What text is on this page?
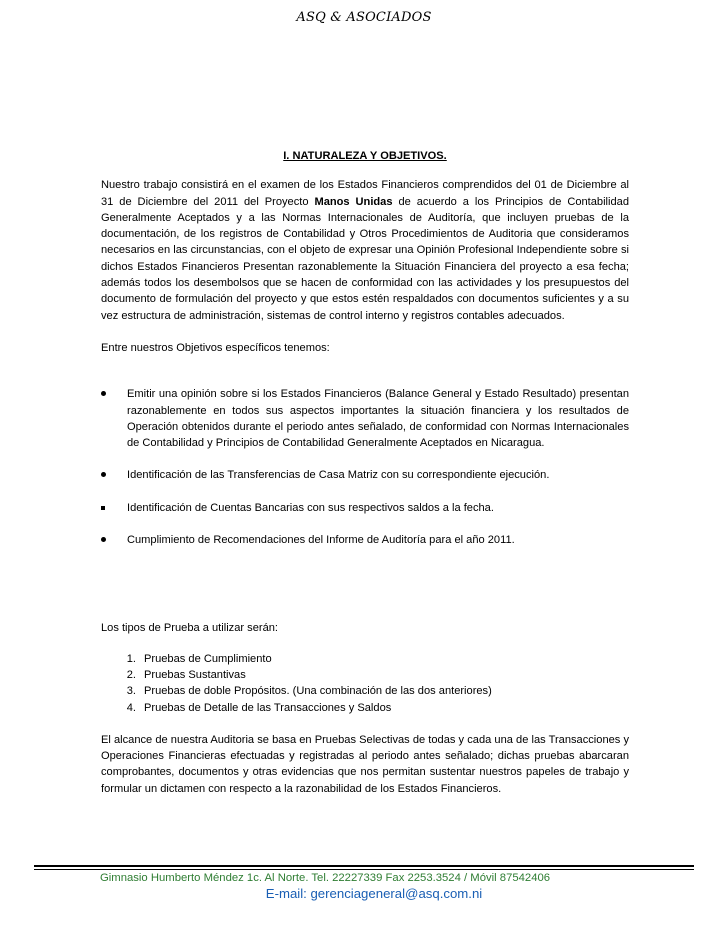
ASQ & ASOCIADOS

I. NATURALEZA Y OBJETIVOS.

Nuestro trabajo consistirá en el examen de los Estados Financieros comprendidos del 01 de Diciembre al 31 de Diciembre del 2011 del Proyecto Manos Unidas de acuerdo a los Principios de Contabilidad Generalmente Aceptados y a las Normas Internacionales de Auditoría, que incluyen pruebas de la documentación, de los registros de Contabilidad y Otros Procedimientos de Auditoria que consideramos necesarios en las circunstancias, con el objeto de expresar una Opinión Profesional Independiente sobre si dichos Estados Financieros Presentan razonablemente la Situación Financiera del proyecto a esa fecha; además todos los desembolsos que se hacen de conformidad con las actividades y los presupuestos del documento de formulación del proyecto y que estos estén respaldados con documentos suficientes y a su vez estructura de administración, sistemas de control interno y registros contables adecuados.

Entre nuestros Objetivos específicos tenemos:

Emitir una opinión sobre si los Estados Financieros (Balance General y Estado Resultado) presentan razonablemente en todos sus aspectos importantes la situación financiera y los resultados de Operación obtenidos durante el periodo antes señalado, de conformidad con Normas Internacionales de Contabilidad y Principios de Contabilidad Generalmente Aceptados en Nicaragua.
Identificación de las Transferencias de Casa Matriz con su correspondiente ejecución.
Identificación de Cuentas Bancarias con sus respectivos saldos a la fecha.
Cumplimiento de Recomendaciones del Informe de Auditoría para el año 2011.

Los tipos de Prueba a utilizar serán:

1. Pruebas de Cumplimiento
2. Pruebas Sustantivas
3. Pruebas de doble Propósitos. (Una combinación de las dos anteriores)
4. Pruebas de Detalle de las Transacciones y Saldos

El alcance de nuestra Auditoria se basa en Pruebas Selectivas de todas y cada una de las Transacciones y Operaciones Financieras efectuadas y registradas al periodo antes señalado; dichas pruebas abarcaran comprobantes, documentos y otras evidencias que nos permitan sustentar nuestros papeles de trabajo y formular un dictamen con respecto a la razonabilidad de los Estados Financieros.

Gimnasio Humberto Méndez 1c. Al Norte. Tel. 22227339 Fax 2253.3524 / Móvil 87542406
E-mail: gerenciageneral@asq.com.ni
